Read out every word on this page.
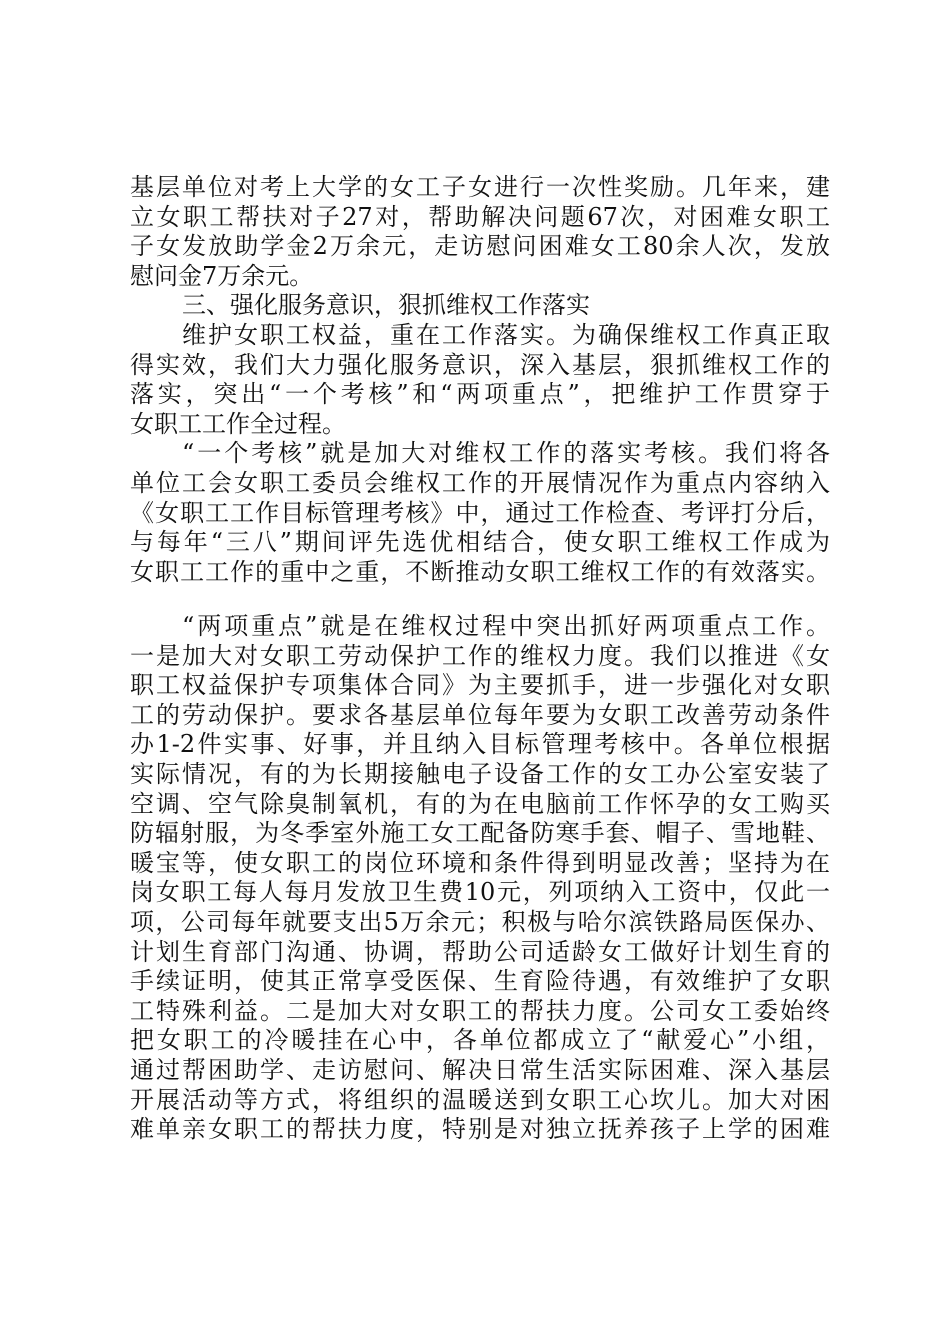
基层单位对考上大学的女工子女进行一次性奖励。几年来，建
立女职工帮扶对子27对，帮助解决问题67次，对困难女职工
子女发放助学金2万余元，走访慰问困难女工80余人次，发放
慰问金7万余元。
三、强化服务意识，狠抓维权工作落实
维护女职工权益，重在工作落实。为确保维权工作真正取
得实效，我们大力强化服务意识，深入基层，狠抓维权工作的
落实，突出“一个考核”和“两项重点”，把维护工作贯穿于
女职工工作全过程。
“一个考核”就是加大对维权工作的落实考核。我们将各
单位工会女职工委员会维权工作的开展情况作为重点内容纳入
《女职工工作目标管理考核》中，通过工作检查、考评打分后，
与每年“三八”期间评先选优相结合，使女职工维权工作成为
女职工工作的重中之重，不断推动女职工维权工作的有效落实。
“两项重点”就是在维权过程中突出抓好两项重点工作。
一是加大对女职工劳动保护工作的维权力度。我们以推进《女
职工权益保护专项集体合同》为主要抓手，进一步强化对女职
工的劳动保护。要求各基层单位每年要为女职工改善劳动条件
办1-2件实事、好事，并且纳入目标管理考核中。各单位根据
实际情况，有的为长期接触电子设备工作的女工办公室安装了
空调、空气除臭制氧机，有的为在电脑前工作怀孕的女工购买
防辐射服，为冬季室外施工女工配备防寒手套、帽子、雪地鞋、
暖宝等，使女职工的岗位环境和条件得到明显改善；坚持为在
岗女职工每人每月发放卫生费10元，列项纳入工资中，仅此一
项，公司每年就要支出5万余元；积极与哈尔滨铁路局医保办、
计划生育部门沟通、协调，帮助公司适龄女工做好计划生育的
手续证明，使其正常享受医保、生育险待遇，有效维护了女职
工特殊利益。二是加大对女职工的帮扶力度。公司女工委始终
把女职工的冷暖挂在心中，各单位都成立了“献爱心”小组，
通过帮困助学、走访慰问、解决日常生活实际困难、深入基层
开展活动等方式，将组织的温暖送到女职工心坎儿。加大对困
难单亲女职工的帮扶力度，特别是对独立抚养孩子上学的困难
